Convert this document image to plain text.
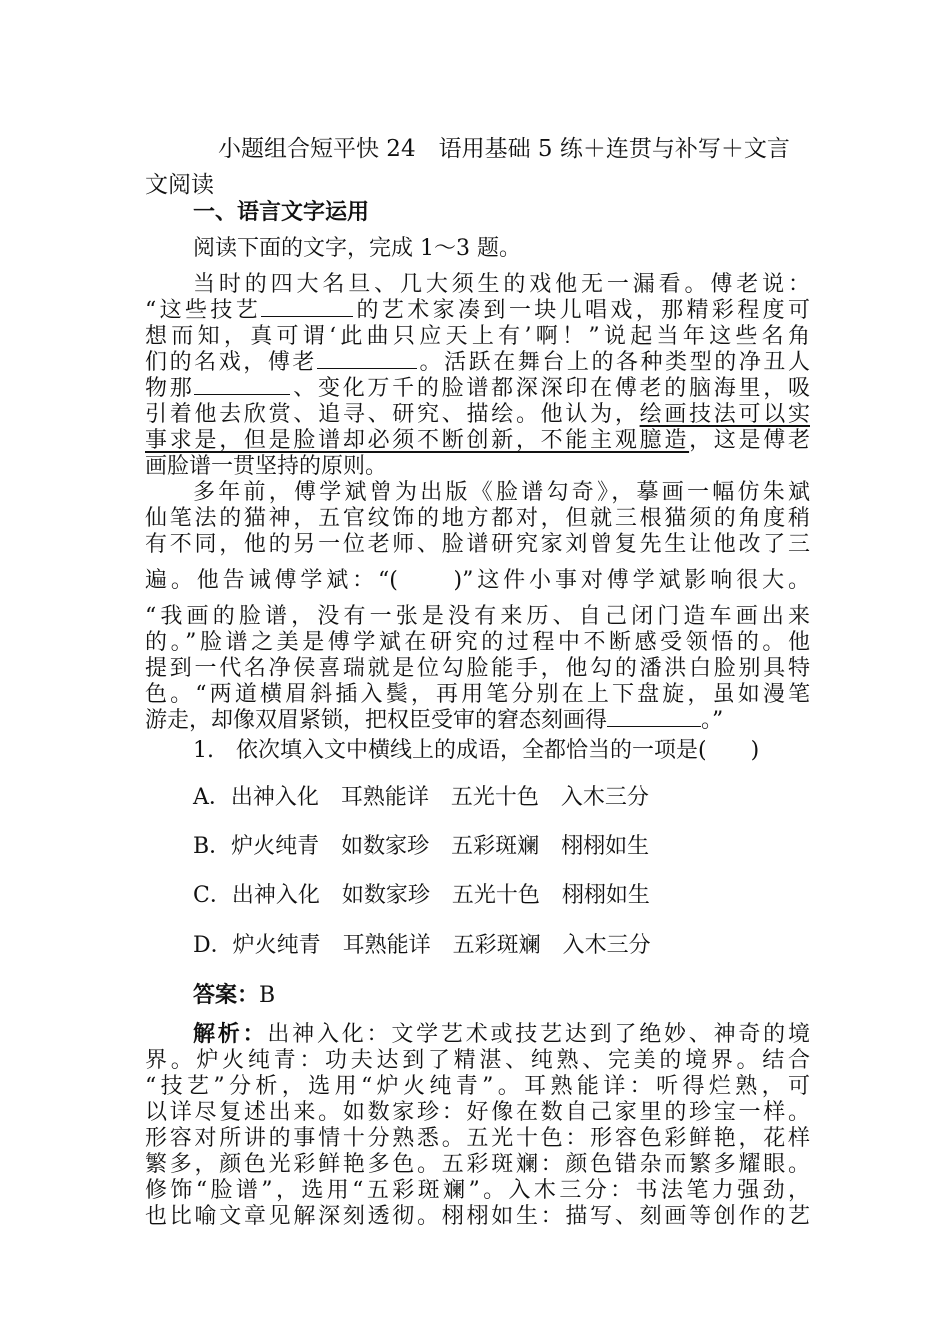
小题组合短平快 24　语用基础 5 练＋连贯与补写＋文言
文阅读
一、语言文字运用
阅读下面的文字，完成 1～3 题。
当时的四大名旦、几大须生的戏他无一漏看。傅老说：
“这些技艺	的艺术家凑到一块儿唱戏，那精彩程度可
想而知，真可谓‘此曲只应天上有’啊！”说起当年这些名角
们的名戏，傅老	。活跃在舞台上的各种类型的净丑人
物那	、变化万千的脸谱都深深印在傅老的脑海里，吸
引着他去欣赏、追寻、研究、描绘。他认为，绘画技法可以实
事求是，但是脸谱却必须不断创新，不能主观臆造，这是傅老
画脸谱一贯坚持的原则。
多年前，傅学斌曾为出版《脸谱勾奇》，摹画一幅仿朱斌
仙笔法的猫神，五官纹饰的地方都对，但就三根猫须的角度稍
有不同，他的另一位老师、脸谱研究家刘曾复先生让他改了三
遍。他告诫傅学斌：“(　　)”这件小事对傅学斌影响很大。
“我画的脸谱，没有一张是没有来历、自己闭门造车画出来
的。”脸谱之美是傅学斌在研究的过程中不断感受领悟的。他
提到一代名净侯喜瑞就是位勾脸能手，他勾的潘洪白脸别具特
色。“两道横眉斜插入鬓，再用笔分别在上下盘旋，虽如漫笔
游走，却像双眉紧锁，把权臣受审的窘态刻画得	。”
1.　依次填入文中横线上的成语，全都恰当的一项是(　　)
A．出神入化　耳熟能详　五光十色　入木三分
B．炉火纯青　如数家珍　五彩斑斓　栩栩如生
C．出神入化　如数家珍　五光十色　栩栩如生
D．炉火纯青　耳熟能详　五彩斑斓　入木三分
答案：B
解析：出神入化：文学艺术或技艺达到了绝妙、神奇的境
界。炉火纯青：功夫达到了精湛、纯熟、完美的境界。结合
“技艺”分析，选用“炉火纯青”。耳熟能详：听得烂熟，可
以详尽复述出来。如数家珍：好像在数自己家里的珍宝一样。
形容对所讲的事情十分熟悉。五光十色：形容色彩鲜艳，花样
繁多，颜色光彩鲜艳多色。五彩斑斓：颜色错杂而繁多耀眼。
修饰“脸谱”，选用“五彩斑斓”。入木三分：书法笔力强劲，
也比喻文章见解深刻透彻。栩栩如生：描写、刻画等创作的艺
